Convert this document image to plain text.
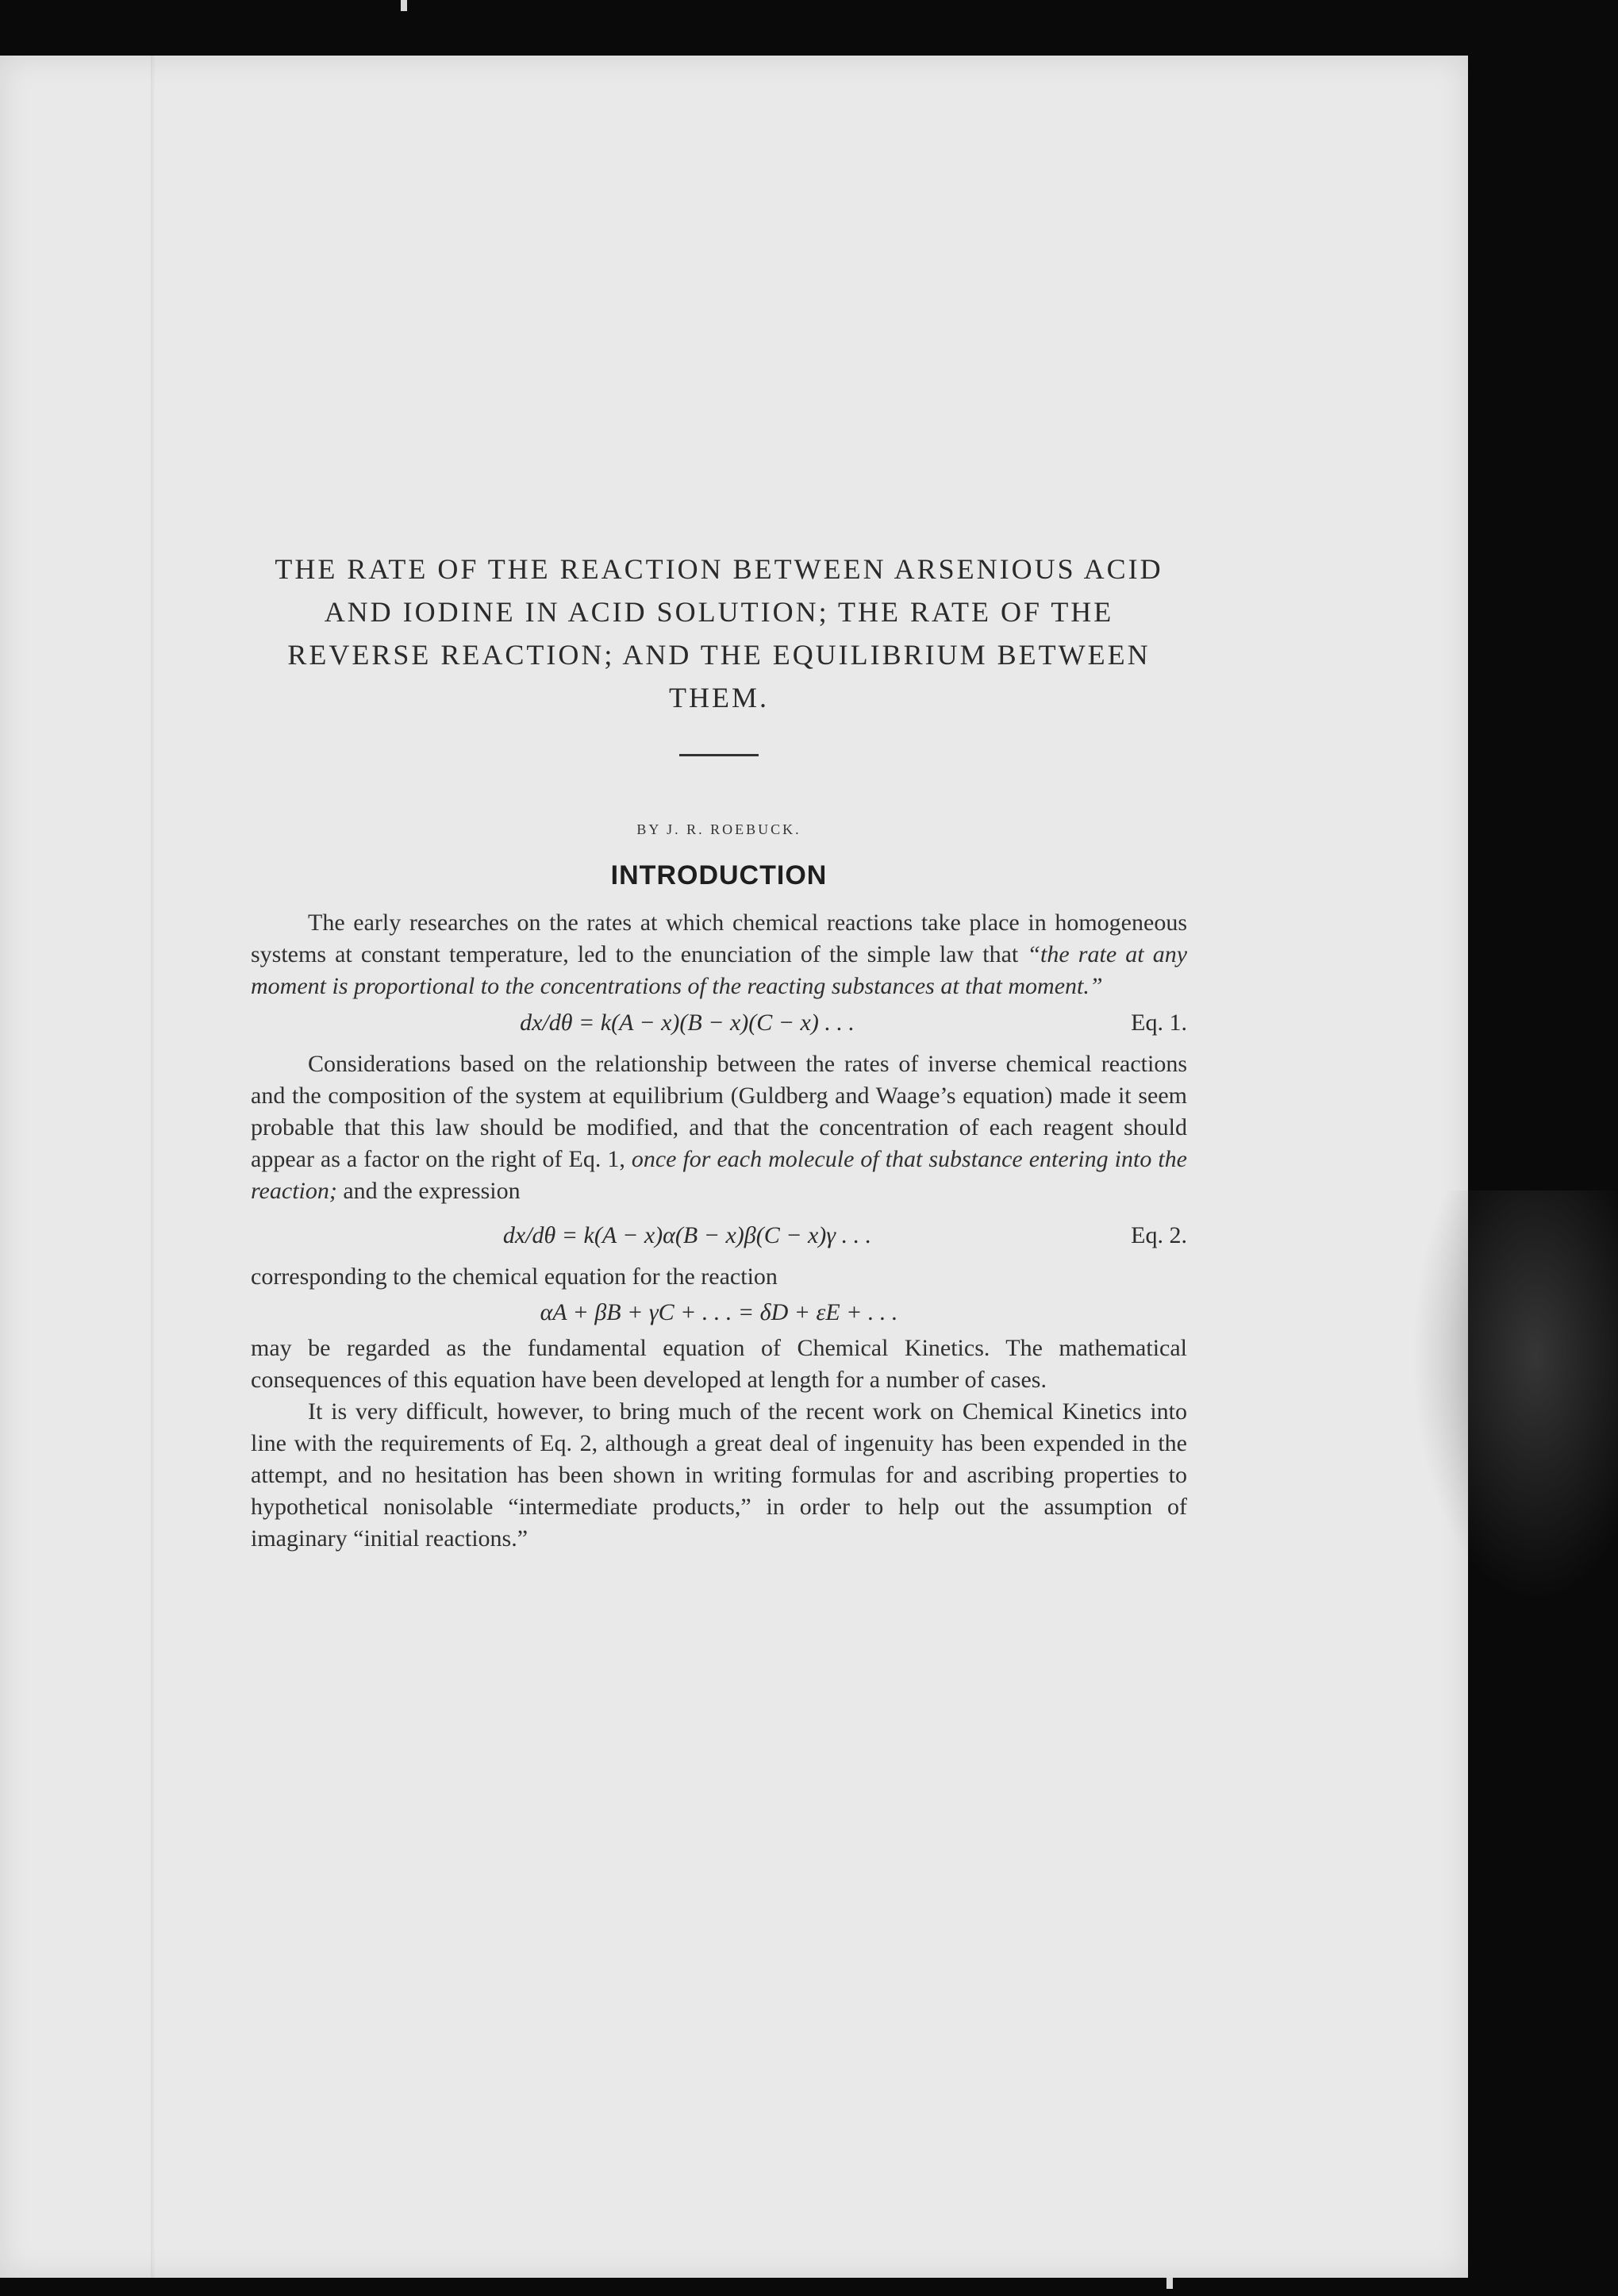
THE RATE OF THE REACTION BETWEEN ARSENIOUS ACID AND IODINE IN ACID SOLUTION; THE RATE OF THE REVERSE REACTION; AND THE EQUILIBRIUM BETWEEN THEM.
BY J. R. ROEBUCK.
INTRODUCTION

The early researches on the rates at which chemical reactions take place in homogeneous systems at constant temperature, led to the enunciation of the simple law that “the rate at any moment is proportional to the concentrations of the reacting substances at that moment.”

dx/dθ = k(A − x)(B − x)(C − x) . . .	Eq. 1.

Considerations based on the relationship between the rates of inverse chemical reactions and the composition of the system at equilibrium (Guldberg and Waage’s equation) made it seem probable that this law should be modified, and that the concentration of each reagent should appear as a factor on the right of Eq. 1, once for each molecule of that substance entering into the reaction; and the expression

dx/dθ = k(A − x)α(B − x)β(C − x)γ . . .	Eq. 2.

corresponding to the chemical equation for the reaction

αA + βB + γC + . . . = δD + εE + . . .

may be regarded as the fundamental equation of Chemical Kinetics. The mathematical consequences of this equation have been developed at length for a number of cases.

It is very difficult, however, to bring much of the recent work on Chemical Kinetics into line with the requirements of Eq. 2, although a great deal of ingenuity has been expended in the attempt, and no hesitation has been shown in writing formulas for and ascribing properties to hypothetical nonisolable “intermediate products,” in order to help out the assumption of imaginary “initial reactions.”
